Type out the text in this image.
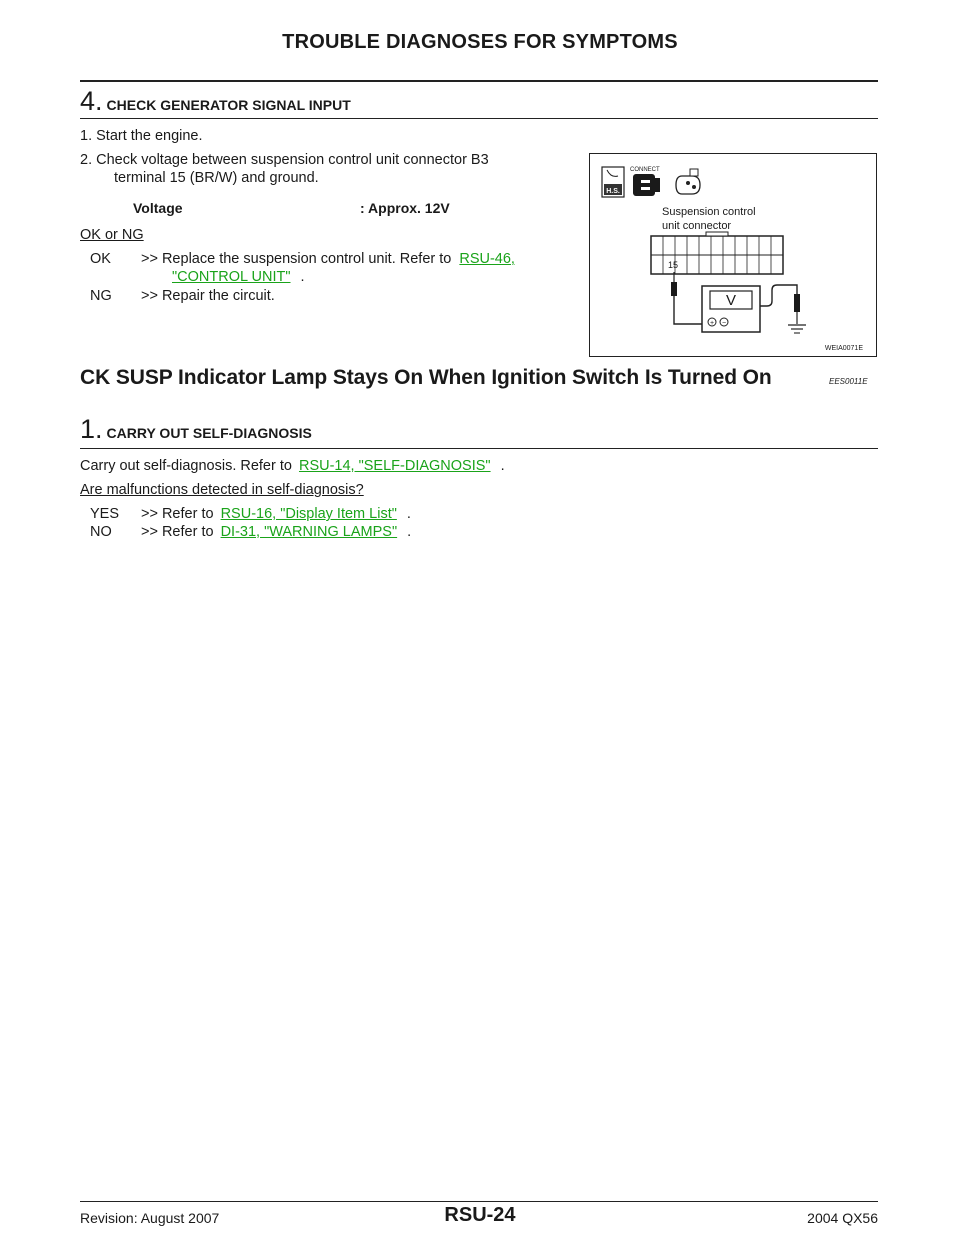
TROUBLE DIAGNOSES FOR SYMPTOMS
4. CHECK GENERATOR SIGNAL INPUT
1. Start the engine.
2. Check voltage between suspension control unit connector B3
terminal 15 (BR/W) and ground.
Voltage	: Approx. 12V
OK or NG
OK >> Replace the suspension control unit. Refer to RSU-46,
"CONTROL UNIT" .
NG >> Repair the circuit.
H.S.
CONNECT
Suspension control
unit connector
15
V
+ −
WEIA0071E
CK SUSP Indicator Lamp Stays On When Ignition Switch Is Turned On	EES0011E
1. CARRY OUT SELF-DIAGNOSIS
Carry out self-diagnosis. Refer to RSU-14, "SELF-DIAGNOSIS" .
Are malfunctions detected in self-diagnosis?
YES >> Refer to RSU-16, "Display Item List" .
NO >> Refer to DI-31, "WARNING LAMPS" .
Revision: August 2007	RSU-24	2004 QX56
